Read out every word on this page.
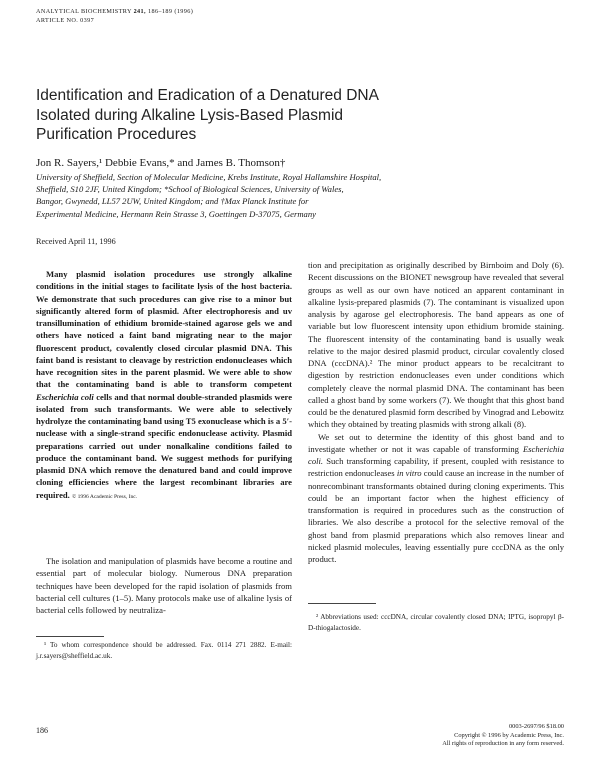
ANALYTICAL BIOCHEMISTRY 241, 186–189 (1996)
ARTICLE NO. 0397
Identification and Eradication of a Denatured DNA
Isolated during Alkaline Lysis-Based Plasmid
Purification Procedures
Jon R. Sayers,¹ Debbie Evans,* and James B. Thomson†
University of Sheffield, Section of Molecular Medicine, Krebs Institute, Royal Hallamshire Hospital,
Sheffield, S10 2JF, United Kingdom; *School of Biological Sciences, University of Wales,
Bangor, Gwynedd, LL57 2UW, United Kingdom; and †Max Planck Institute for
Experimental Medicine, Hermann Rein Strasse 3, Goettingen D-37075, Germany
Received April 11, 1996
Many plasmid isolation procedures use strongly alkaline conditions in the initial stages to facilitate lysis of the host bacteria. We demonstrate that such procedures can give rise to a minor but significantly altered form of plasmid. After electrophoresis and uv transillumination of ethidium bromide-stained agarose gels we and others have noticed a faint band migrating near to the major fluorescent product, covalently closed circular plasmid DNA. This faint band is resistant to cleavage by restriction endonucleases which have recognition sites in the parent plasmid. We were able to show that the contaminating band is able to transform competent Escherichia coli cells and that normal double-stranded plasmids were isolated from such transformants. We were able to selectively hydrolyze the contaminating band using T5 exonuclease which is a 5′-nuclease with a single-strand specific endonuclease activity. Plasmid preparations carried out under nonalkaline conditions failed to produce the contaminant band. We suggest methods for purifying plasmid DNA which remove the denatured band and could improve cloning efficiencies where the largest recombinant libraries are required. © 1996 Academic Press, Inc.
The isolation and manipulation of plasmids have become a routine and essential part of molecular biology. Numerous DNA preparation techniques have been developed for the rapid isolation of plasmids from bacterial cell cultures (1–5). Many protocols make use of alkaline lysis of bacterial cells followed by neutraliza-
¹ To whom correspondence should be addressed. Fax. 0114 271 2882. E-mail: j.r.sayers@sheffield.ac.uk.

tion and precipitation as originally described by Birnboim and Doly (6). Recent discussions on the BIONET newsgroup have revealed that several groups as well as our own have noticed an apparent contaminant in alkaline lysis-prepared plasmids (7). The contaminant is visualized upon analysis by agarose gel electrophoresis. The band appears as one of variable but low fluorescent intensity upon ethidium bromide staining. The fluorescent intensity of the contaminating band is usually weak relative to the major desired plasmid product, circular covalently closed DNA (cccDNA).² The minor product appears to be recalcitrant to digestion by restriction endonucleases even under conditions which completely cleave the normal plasmid DNA. The contaminant has been called a ghost band by some workers (7). We thought that this ghost band could be the denatured plasmid form described by Vinograd and Lebowitz which they obtained by treating plasmids with strong alkali (8).

We set out to determine the identity of this ghost band and to investigate whether or not it was capable of transforming Escherichia coli. Such transforming capability, if present, coupled with resistance to restriction endonucleases in vitro could cause an increase in the number of nonrecombinant transformants obtained during cloning experiments. This could be an important factor when the highest efficiency of transformation is required in procedures such as the construction of libraries. We also describe a protocol for the selective removal of the ghost band from plasmid preparations which also removes linear and nicked plasmid molecules, leaving essentially pure cccDNA as the only product.

² Abbreviations used: cccDNA, circular covalently closed DNA; IPTG, isopropyl β-D-thiogalactoside.
186	0003-2697/96 $18.00
Copyright © 1996 by Academic Press, Inc.
All rights of reproduction in any form reserved.
